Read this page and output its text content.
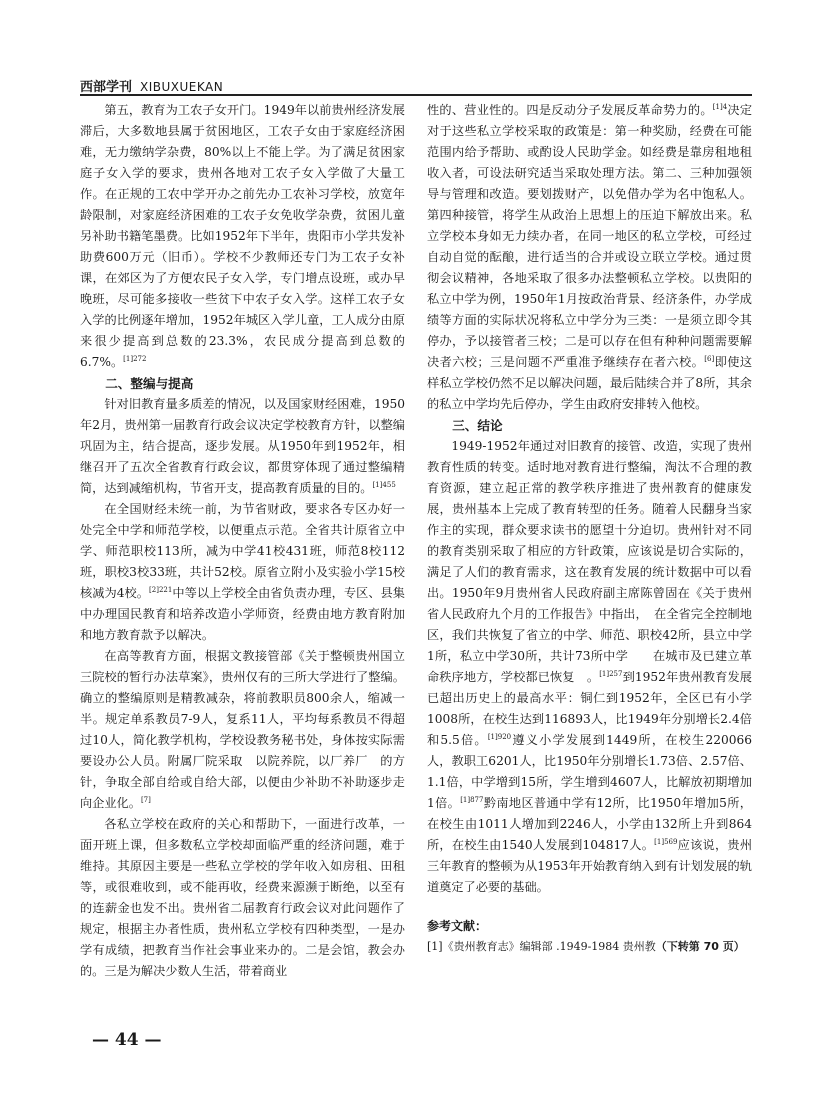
西部学刊 XIBUXUEKAN

第五，教育为工农子女开门。1949年以前贵州经济发展滞后，大多数地县属于贫困地区，工农子女由于家庭经济困难，无力缴纳学杂费，80%以上不能上学。为了满足贫困家庭子女入学的要求，贵州各地对工农子女入学做了大量工作。在正规的工农中学开办之前先办工农补习学校，放宽年龄限制，对家庭经济困难的工农子女免收学杂费，贫困儿童另补助书籍笔墨费。比如1952年下半年，贵阳市小学共发补助费600万元（旧币）。学校不少教师还专门为工农子女补课，在郊区为了方便农民子女入学，专门增点设班，或办早晚班，尽可能多接收一些贫下中农子女入学。这样工农子女入学的比例逐年增加，1952年城区入学儿童，工人成分由原来很少提高到总数的23.3%，农民成分提高到总数的6.7%。$^{[1]272}$

二、整编与提高

针对旧教育量多质差的情况，以及国家财经困难，1950年2月，贵州第一届教育行政会议决定学校教育方针，以整编巩固为主，结合提高，逐步发展。从1950年到1952年，相继召开了五次全省教育行政会议，都贯穿体现了通过整编精简，达到减缩机构，节省开支，提高教育质量的目的。$^{[1]455}$

在全国财经未统一前，为节省财政，要求各专区办好一处完全中学和师范学校，以便重点示范。全省共计原省立中学、师范职校113所，减为中学41校431班，师范8校112班，职校3校33班，共计52校。原省立附小及实验小学15校核减为4校。$^{[2]221}$中等以上学校全由省负责办理，专区、县集中办理国民教育和培养改造小学师资，经费由地方教育附加和地方教育款予以解决。

在高等教育方面，根据文教接管部《关于整顿贵州国立三院校的暂行办法草案》，贵州仅有的三所大学进行了整编。确立的整编原则是精教减杂，将前教职员800余人，缩减一半。规定单系教员7-9人，复系11人，平均每系教员不得超过10人，简化教学机构，学校设教务秘书处，身体按实际需要设办公人员。附属厂院采取　以院养院，以厂养厂　的方针，争取全部自给或自给大部，以便由少补助不补助逐步走向企业化。[7]

各私立学校在政府的关心和帮助下，一面进行改革，一面开班上课，但多数私立学校却面临严重的经济问题，难于维持。其原因主要是一些私立学校的学年收入如房租、田租等，或很难收到，或不能再收，经费来源濒于断绝，以至有的连薪金也发不出。贵州省二届教育行政会议对此问题作了规定，根据主办者性质，贵州私立学校有四种类型，一是办学有成绩，把教育当作社会事业来办的。二是会馆，教会办的。三是为解决少数人生活，带着商业

性的、营业性的。四是反动分子发展反革命势力的。$^{[1]4}$决定对于这些私立学校采取的政策是：第一种奖励，经费在可能范围内给予帮助、或酌设人民助学金。如经费是靠房租地租收入者，可设法研究适当采取处理方法。第二、三种加强领导与管理和改造。要划拨财产，以免借办学为名中饱私人。第四种接管，将学生从政治上思想上的压迫下解放出来。私立学校本身如无力续办者，在同一地区的私立学校，可经过自动自觉的酝酿，进行适当的合并或设立联立学校。通过贯彻会议精神，各地采取了很多办法整顿私立学校。以贵阳的私立中学为例，1950年1月按政治背景、经济条件，办学成绩等方面的实际状况将私立中学分为三类：一是须立即令其停办，予以接管者三校；二是可以存在但有种种问题需要解决者六校；三是问题不严重准予继续存在者六校。[6]即使这样私立学校仍然不足以解决问题，最后陆续合并了8所，其余的私立中学均先后停办，学生由政府安排转入他校。

三、结论

1949-1952年通过对旧教育的接管、改造，实现了贵州教育性质的转变。适时地对教育进行整编，淘汰不合理的教育资源，建立起正常的教学秩序推进了贵州教育的健康发展，贵州基本上完成了教育转型的任务。随着人民翻身当家作主的实现，群众要求读书的愿望十分迫切。贵州针对不同的教育类别采取了相应的方针政策，应该说是切合实际的，满足了人们的教育需求，这在教育发展的统计数据中可以看出。1950年9月贵州省人民政府副主席陈曾固在《关于贵州省人民政府九个月的工作报告》中指出，　在全省完全控制地区，我们共恢复了省立的中学、师范、职校42所，县立中学1所，私立中学30所，共计73所中学　　在城市及已建立革命秩序地方，学校都已恢复　。$^{[1]257}$到1952年贵州教育发展已超出历史上的最高水平：铜仁到1952年，全区已有小学1008所，在校生达到116893人，比1949年分别增长2.4倍和5.5倍。$^{[1]920}$遵义小学发展到1449所，在校生220066人，教职工6201人，比1950年分别增长1.73倍、2.57倍、1.1倍，中学增到15所，学生增到4607人，比解放初期增加1倍。$^{[1]877}$黔南地区普通中学有12所，比1950年增加5所，在校生由1011人增加到2246人，小学由132所上升到864所，在校生由1540人发展到104817人。$^{[1]569}$应该说，贵州三年教育的整顿为从1953年开始教育纳入到有计划发展的轨道奠定了必要的基础。

参考文献：

[1]《贵州教育志》编辑部 .1949-1984 贵州教（下转第 70 页）

— 44 —
